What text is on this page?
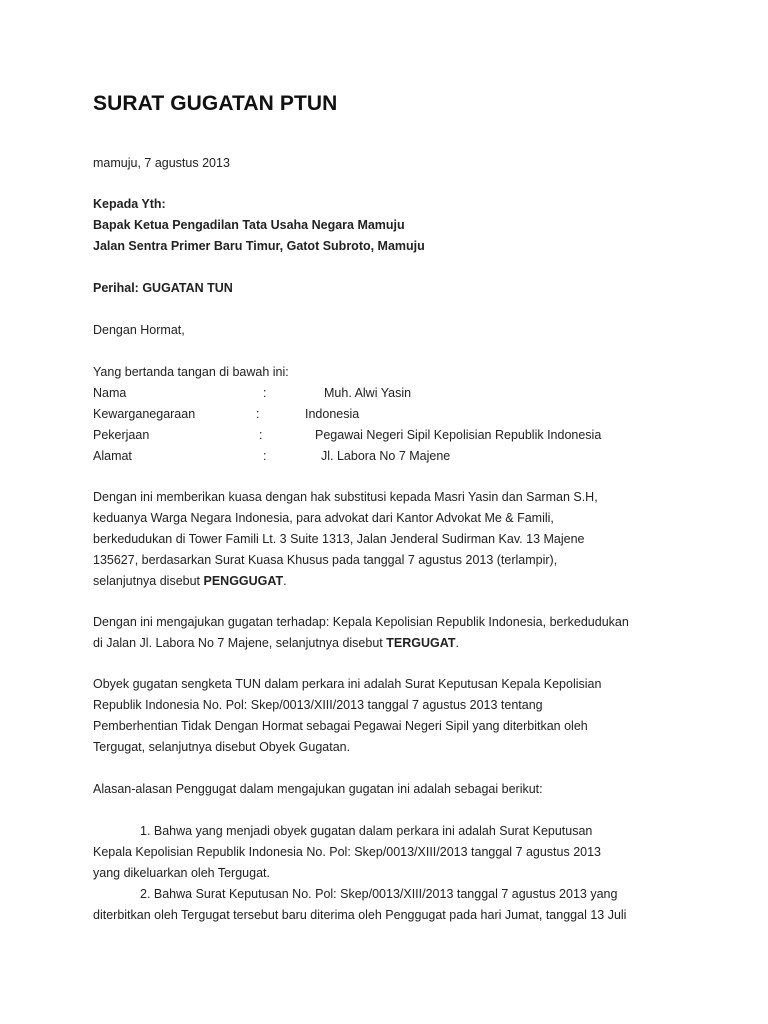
SURAT GUGATAN PTUN
mamuju, 7 agustus 2013
Kepada Yth:
Bapak Ketua Pengadilan Tata Usaha Negara Mamuju
Jalan Sentra Primer Baru Timur, Gatot Subroto, Mamuju
Perihal: GUGATAN TUN
Dengan Hormat,
Yang bertanda tangan di bawah ini:
Nama	:	Muh. Alwi Yasin
Kewarganegaraan	:	Indonesia
Pekerjaan	:	Pegawai Negeri Sipil Kepolisian Republik Indonesia
Alamat	:	Jl. Labora No 7 Majene
Dengan ini memberikan kuasa dengan hak substitusi kepada Masri Yasin dan Sarman S.H,
keduanya Warga Negara Indonesia, para advokat dari Kantor Advokat Me & Famili,
berkedudukan di Tower Famili Lt. 3 Suite 1313, Jalan Jenderal Sudirman Kav. 13 Majene
135627, berdasarkan Surat Kuasa Khusus pada tanggal 7 agustus 2013 (terlampir),
selanjutnya disebut PENGGUGAT.
Dengan ini mengajukan gugatan terhadap: Kepala Kepolisian Republik Indonesia, berkedudukan
di Jalan Jl. Labora No 7 Majene, selanjutnya disebut TERGUGAT.
Obyek gugatan sengketa TUN dalam perkara ini adalah Surat Keputusan Kepala Kepolisian
Republik Indonesia No. Pol: Skep/0013/XIII/2013 tanggal 7 agustus 2013 tentang
Pemberhentian Tidak Dengan Hormat sebagai Pegawai Negeri Sipil yang diterbitkan oleh
Tergugat, selanjutnya disebut Obyek Gugatan.
Alasan-alasan Penggugat dalam mengajukan gugatan ini adalah sebagai berikut:
1. Bahwa yang menjadi obyek gugatan dalam perkara ini adalah Surat Keputusan
Kepala Kepolisian Republik Indonesia No. Pol: Skep/0013/XIII/2013 tanggal 7 agustus 2013
yang dikeluarkan oleh Tergugat.
2. Bahwa Surat Keputusan No. Pol: Skep/0013/XIII/2013 tanggal 7 agustus 2013 yang
diterbitkan oleh Tergugat tersebut baru diterima oleh Penggugat pada hari Jumat, tanggal 13 Juli
